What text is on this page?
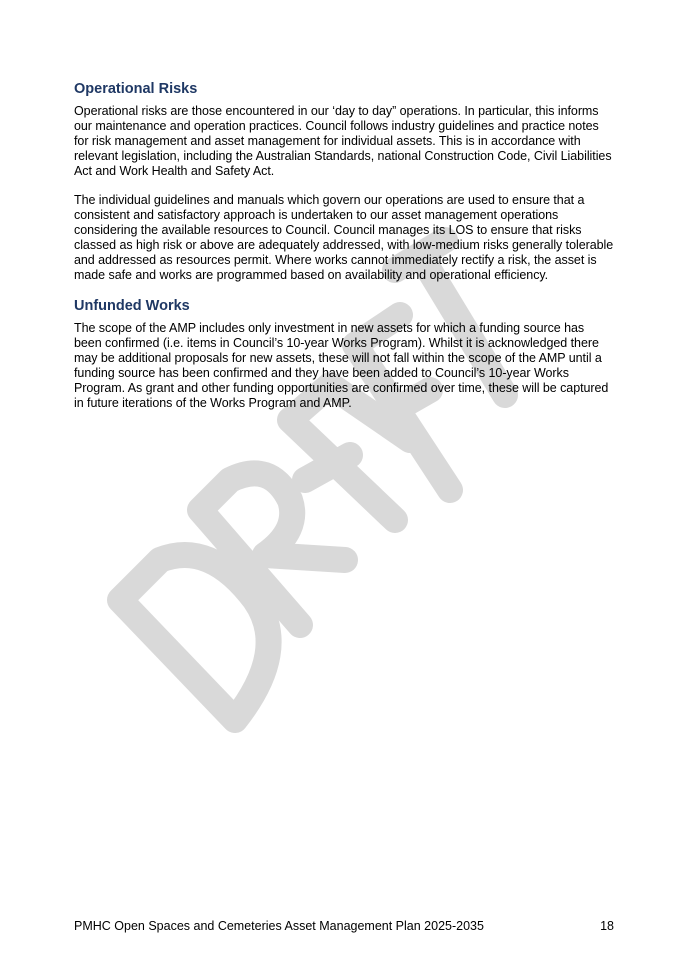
Operational Risks

Operational risks are those encountered in our ‘day to day” operations. In particular, this informs our maintenance and operation practices. Council follows industry guidelines and practice notes for risk management and asset management for individual assets. This is in accordance with relevant legislation, including the Australian Standards, national Construction Code, Civil Liabilities Act and Work Health and Safety Act.

The individual guidelines and manuals which govern our operations are used to ensure that a consistent and satisfactory approach is undertaken to our asset management operations considering the available resources to Council. Council manages its LOS to ensure that risks classed as high risk or above are adequately addressed, with low-medium risks generally tolerable and addressed as resources permit. Where works cannot immediately rectify a risk, the asset is made safe and works are programmed based on availability and operational efficiency.

Unfunded Works

The scope of the AMP includes only investment in new assets for which a funding source has been confirmed (i.e. items in Council’s 10-year Works Program). Whilst it is acknowledged there may be additional proposals for new assets, these will not fall within the scope of the AMP until a funding source has been confirmed and they have been added to Council’s 10-year Works Program. As grant and other funding opportunities are confirmed over time, these will be captured in future iterations of the Works Program and AMP.

PMHC Open Spaces and Cemeteries Asset Management Plan 2025-2035	18
